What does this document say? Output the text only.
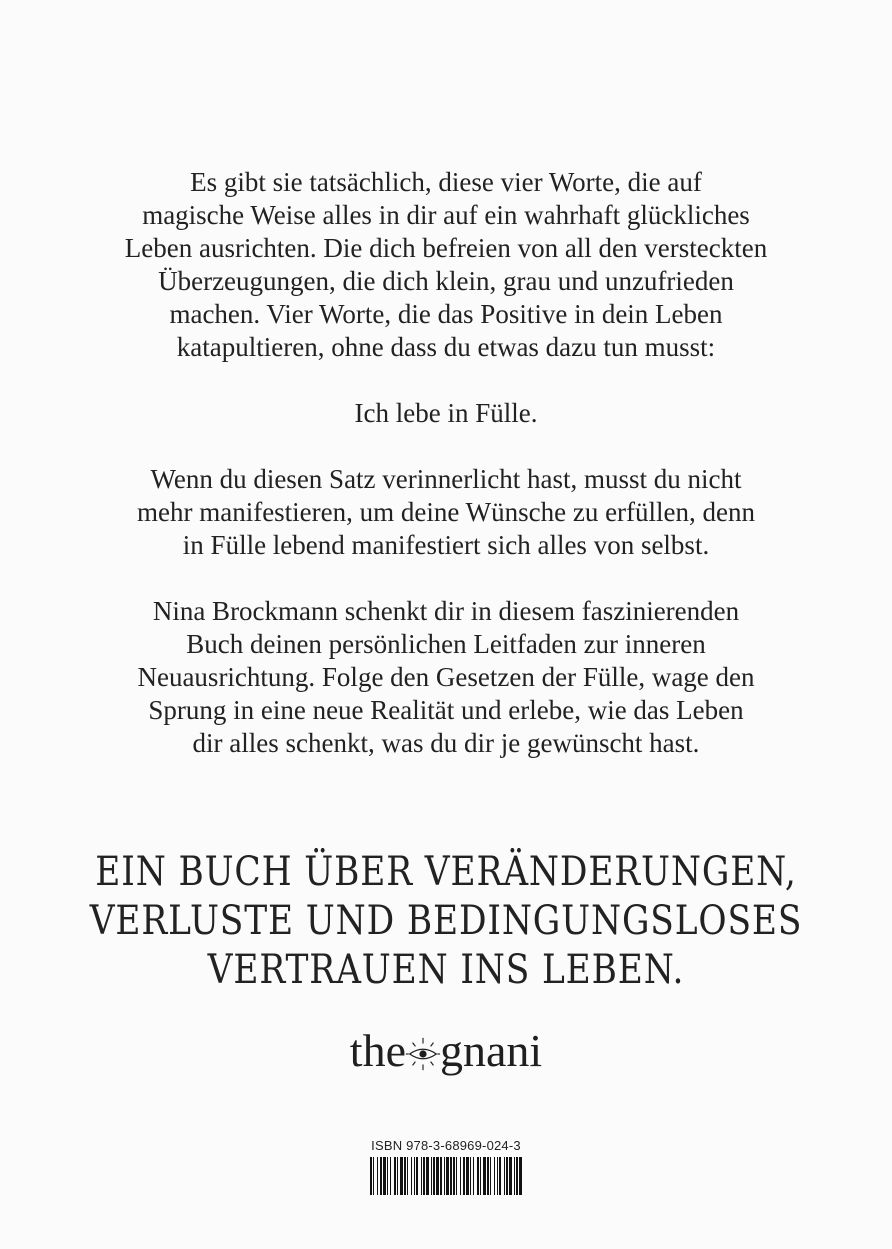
Es gibt sie tatsächlich, diese vier Worte, die auf
magische Weise alles in dir auf ein wahrhaft glückliches
Leben ausrichten. Die dich befreien von all den versteckten
Überzeugungen, die dich klein, grau und unzufrieden
machen. Vier Worte, die das Positive in dein Leben
katapultieren, ohne dass du etwas dazu tun musst:

Ich lebe in Fülle.

Wenn du diesen Satz verinnerlicht hast, musst du nicht
mehr manifestieren, um deine Wünsche zu erfüllen, denn
in Fülle lebend manifestiert sich alles von selbst.

Nina Brockmann schenkt dir in diesem faszinierenden
Buch deinen persönlichen Leitfaden zur inneren
Neuausrichtung. Folge den Gesetzen der Fülle, wage den
Sprung in eine neue Realität und erlebe, wie das Leben
dir alles schenkt, was du dir je gewünscht hast.

EIN BUCH ÜBER VERÄNDERUNGEN,
VERLUSTE UND BEDINGUNGSLOSES
VERTRAUEN INS LEBEN.
the gnani
ISBN 978-3-68969-024-3
